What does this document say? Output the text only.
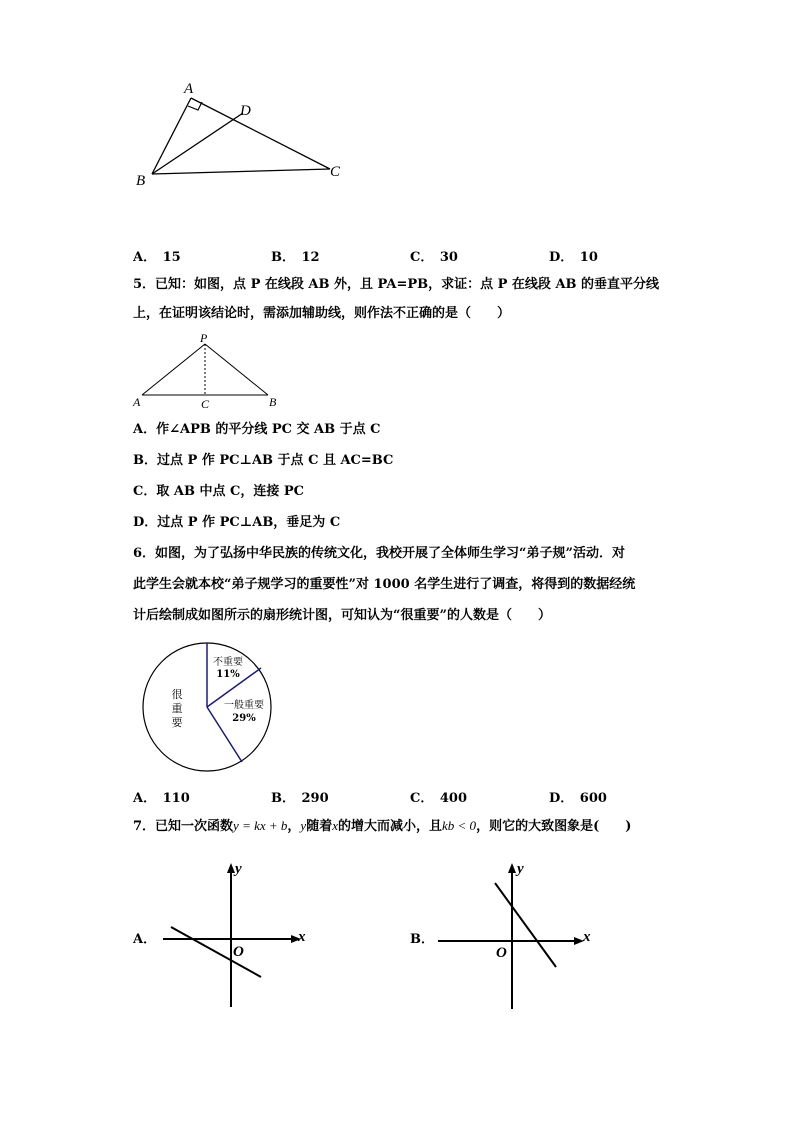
A
D
B
C
A．　 15	B．　 12	C．　 30	D．　 10
5．已知：如图，点 P 在线段 AB 外，且 PA=PB，求证：点 P 在线段 AB 的垂直平分线
上，在证明该结论时，需添加辅助线，则作法不正确的是（　　）
P
A	C	B
A．作∠APB 的平分线 PC 交 AB 于点 C
B．过点 P 作 PC⊥AB 于点 C 且 AC=BC
C．取 AB 中点 C，连接 PC
D．过点 P 作 PC⊥AB，垂足为 C
6．如图，为了弘扬中华民族的传统文化，我校开展了全体师生学习“弟子规”活动．对
此学生会就本校“弟子规学习的重要性”对 1000 名学生进行了调查，将得到的数据经统
计后绘制成如图所示的扇形统计图，可知认为“很重要”的人数是（　　）
不重要
11%
一般重要
29%
很
重
要
A．　 110	B．　 290	C．　 400	D．　 600
7．已知一次函数y = kx + b，y随着x的增大而减小，且kb < 0，则它的大致图象是(　　)
A．	x
y
O
B．	x
y
O
